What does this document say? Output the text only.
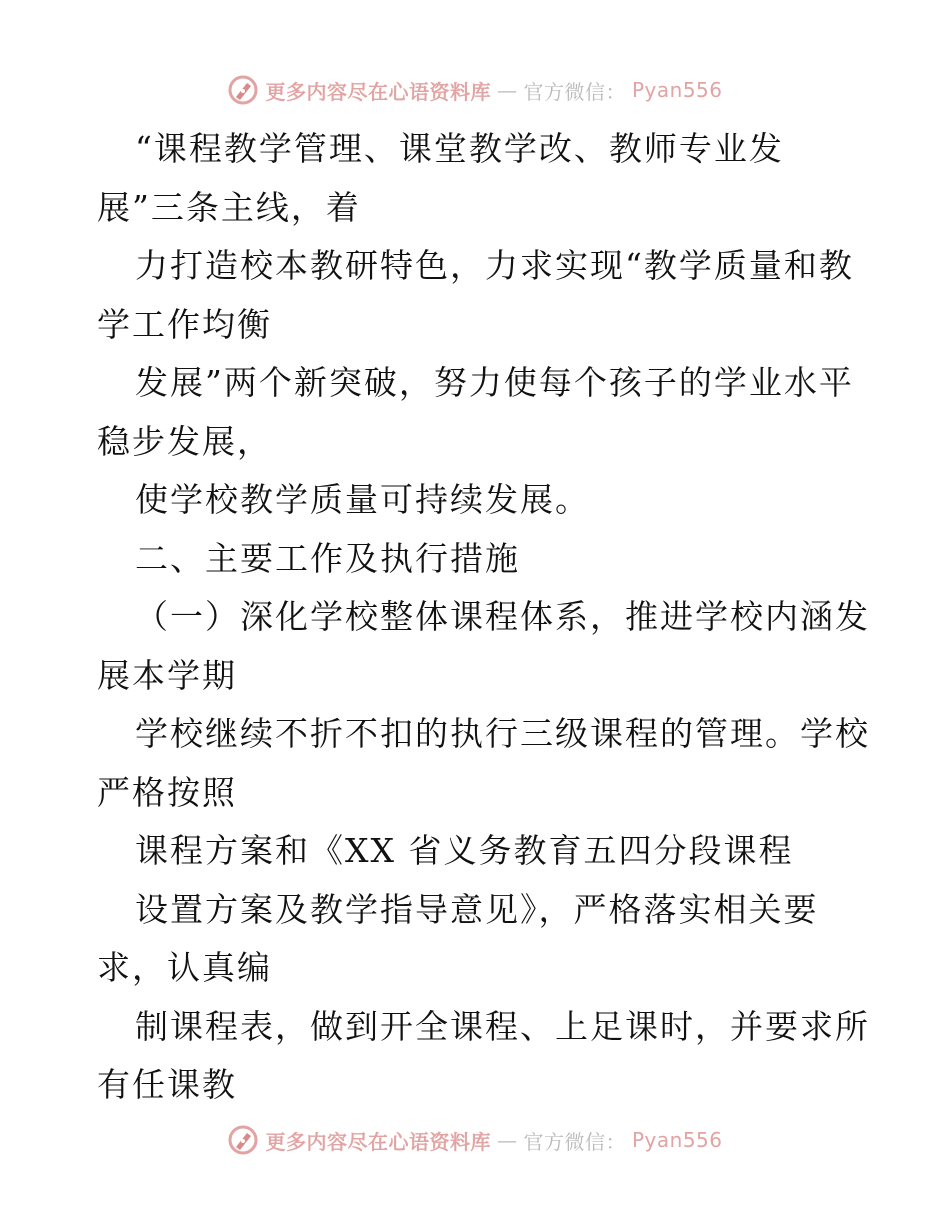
更多内容尽在心语资料库 — 官方微信： Pyan556
“课程教学管理、课堂教学改、教师专业发
展”三条主线，着
力打造校本教研特色，力求实现“教学质量和教
学工作均衡
发展”两个新突破，努力使每个孩子的学业水平
稳步发展，
使学校教学质量可持续发展。
二、主要工作及执行措施
（一）深化学校整体课程体系，推进学校内涵发
展本学期
学校继续不折不扣的执行三级课程的管理。学校
严格按照
课程方案和《XX 省义务教育五四分段课程
设置方案及教学指导意见》，严格落实相关要
求，认真编
制课程表，做到开全课程、上足课时，并要求所
有任课教
更多内容尽在心语资料库 — 官方微信： Pyan556
